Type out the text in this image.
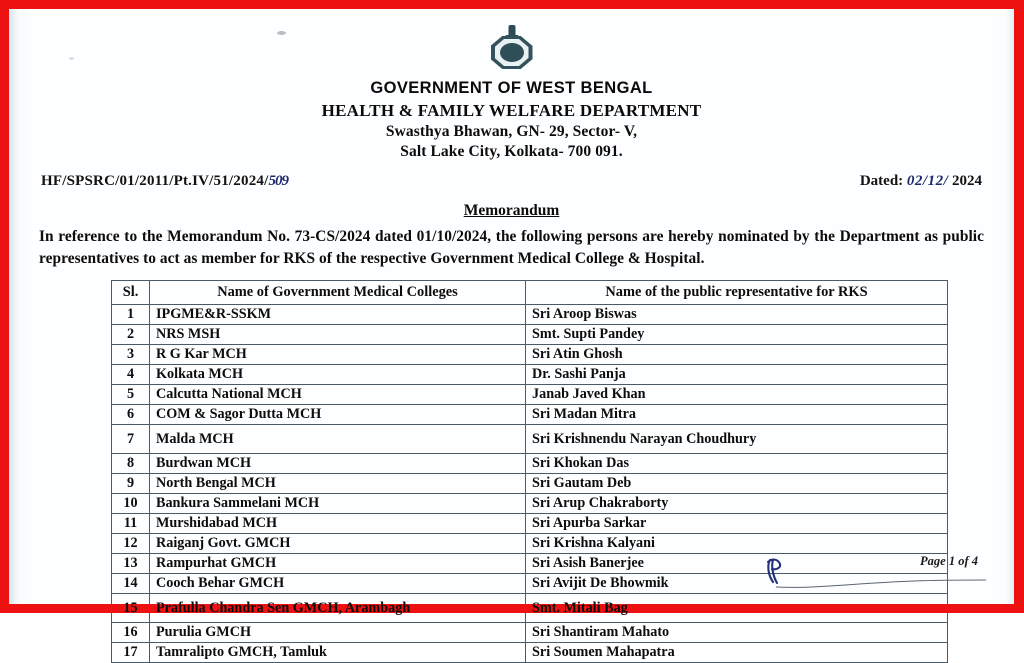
GOVERNMENT OF WEST BENGAL
HEALTH & FAMILY WELFARE DEPARTMENT
Swasthya Bhawan, GN- 29, Sector- V,
Salt Lake City, Kolkata- 700 091.
HF/SPSRC/01/2011/Pt.IV/51/2024/509	Dated: 02/12/ 2024
Memorandum
In reference to the Memorandum No. 73-CS/2024 dated 01/10/2024, the following persons are hereby nominated by the Department as public representatives to act as member for RKS of the respective Government Medical College & Hospital.
Sl.	Name of Government Medical Colleges	Name of the public representative for RKS
1	IPGME&R-SSKM	Sri Aroop Biswas
2	NRS MSH	Smt. Supti Pandey
3	R G Kar MCH	Sri Atin Ghosh
4	Kolkata MCH	Dr. Sashi Panja
5	Calcutta National MCH	Janab Javed Khan
6	COM & Sagor Dutta MCH	Sri Madan Mitra
7	Malda MCH	Sri Krishnendu Narayan Choudhury
8	Burdwan MCH	Sri Khokan Das
9	North Bengal MCH	Sri Gautam Deb
10	Bankura Sammelani MCH	Sri Arup Chakraborty
11	Murshidabad MCH	Sri Apurba Sarkar
12	Raiganj Govt. GMCH	Sri Krishna Kalyani
13	Rampurhat GMCH	Sri Asish Banerjee
14	Cooch Behar GMCH	Sri Avijit De Bhowmik
15	Prafulla Chandra Sen GMCH, Arambagh	Smt. Mitali Bag
16	Purulia GMCH	Sri Shantiram Mahato
17	Tamralipto GMCH, Tamluk	Sri Soumen Mahapatra
Page 1 of 4
